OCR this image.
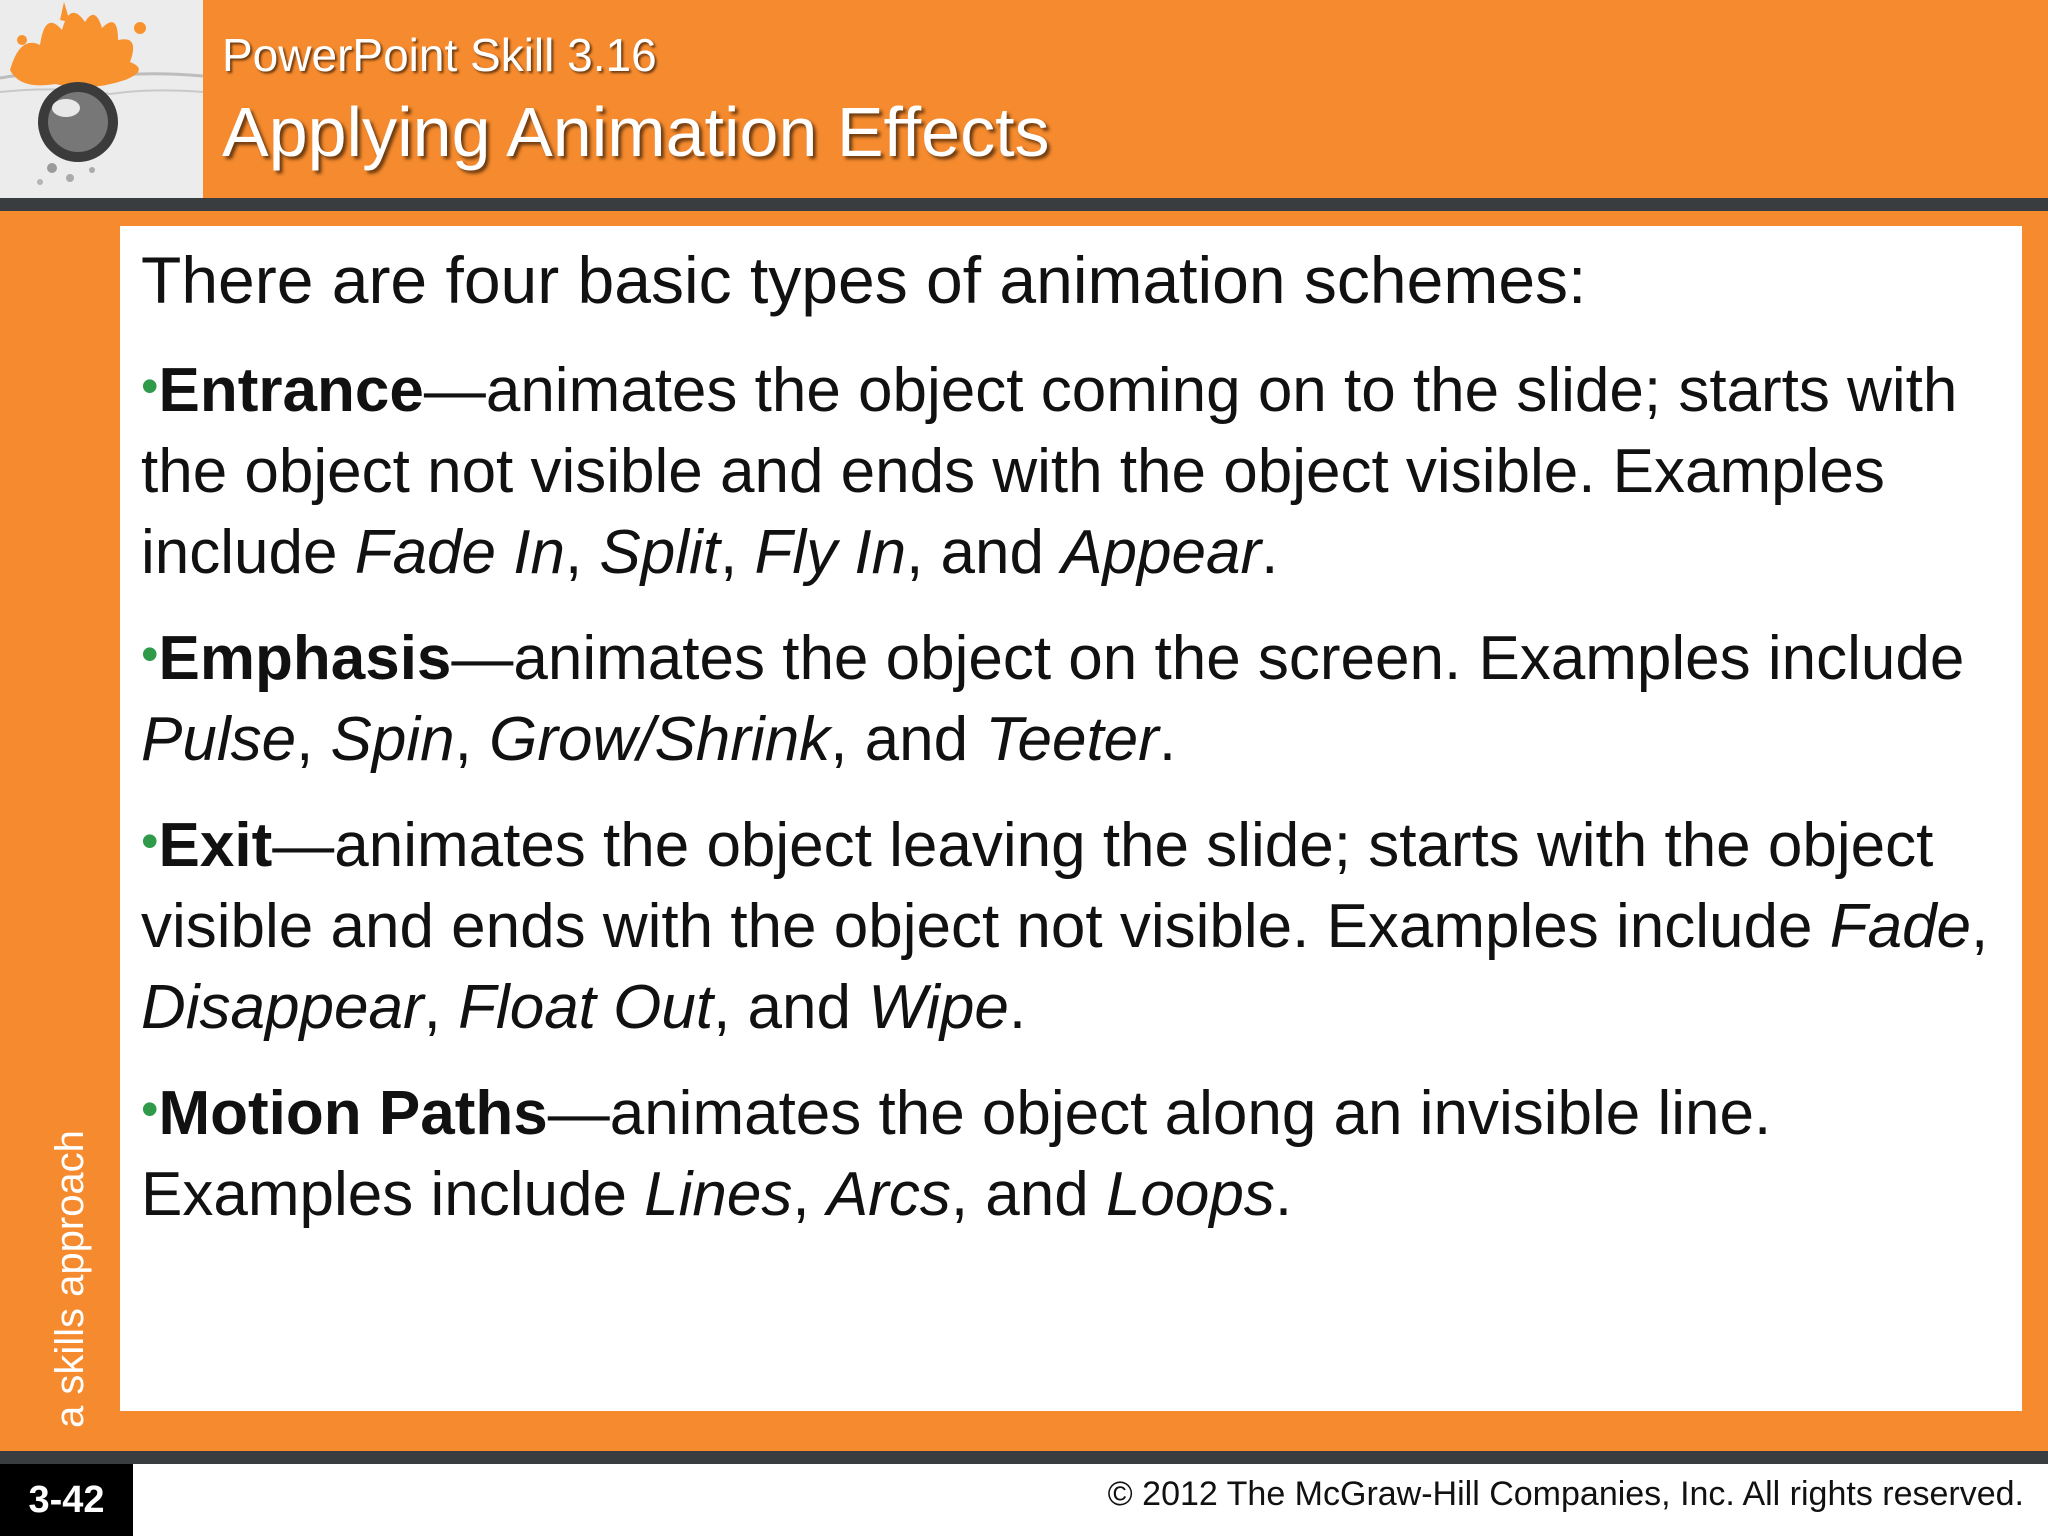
PowerPoint Skill 3.16
Applying Animation Effects
a skills approach

There are four basic types of animation schemes:

•Entrance—animates the object coming on to the slide; starts with the object not visible and ends with the object visible. Examples include Fade In, Split, Fly In, and Appear.

•Emphasis—animates the object on the screen. Examples include Pulse, Spin, Grow/Shrink, and Teeter.

•Exit—animates the object leaving the slide; starts with the object visible and ends with the object not visible. Examples include Fade, Disappear, Float Out, and Wipe.

•Motion Paths—animates the object along an invisible line. Examples include Lines, Arcs, and Loops.

3-42	© 2012 The McGraw-Hill Companies, Inc. All rights reserved.
